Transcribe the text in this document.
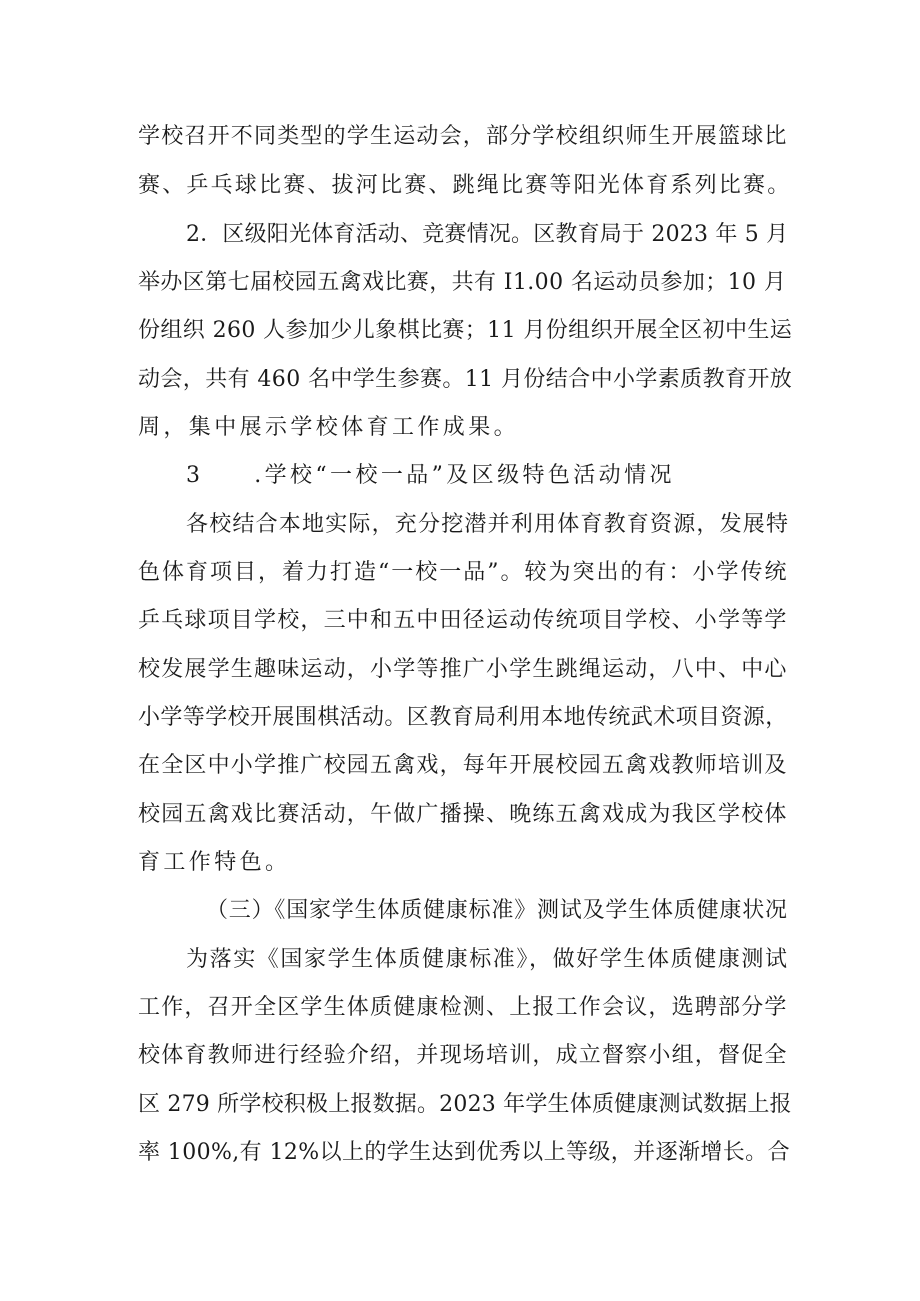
学校召开不同类型的学生运动会，部分学校组织师生开展篮球比
赛、乒乓球比赛、拔河比赛、跳绳比赛等阳光体育系列比赛。
2．区级阳光体育活动、竞赛情况。区教育局于 2023 年 5 月
举办区第七届校园五禽戏比赛，共有 I1.00 名运动员参加；10 月
份组织 260 人参加少儿象棋比赛；11 月份组织开展全区初中生运
动会，共有 460 名中学生参赛。11 月份结合中小学素质教育开放
周，集中展示学校体育工作成果。
3　　.学校“一校一品”及区级特色活动情况
各校结合本地实际，充分挖潜并利用体育教育资源，发展特
色体育项目，着力打造“一校一品”。较为突出的有：小学传统
乒乓球项目学校，三中和五中田径运动传统项目学校、小学等学
校发展学生趣味运动，小学等推广小学生跳绳运动，八中、中心
小学等学校开展围棋活动。区教育局利用本地传统武术项目资源，
在全区中小学推广校园五禽戏，每年开展校园五禽戏教师培训及
校园五禽戏比赛活动，午做广播操、晚练五禽戏成为我区学校体
育工作特色。
（三）《国家学生体质健康标准》测试及学生体质健康状况
为落实《国家学生体质健康标准》，做好学生体质健康测试
工作，召开全区学生体质健康检测、上报工作会议，选聘部分学
校体育教师进行经验介绍，并现场培训，成立督察小组，督促全
区 279 所学校积极上报数据。2023 年学生体质健康测试数据上报
率 100%,有 12%以上的学生达到优秀以上等级，并逐渐增长。合
